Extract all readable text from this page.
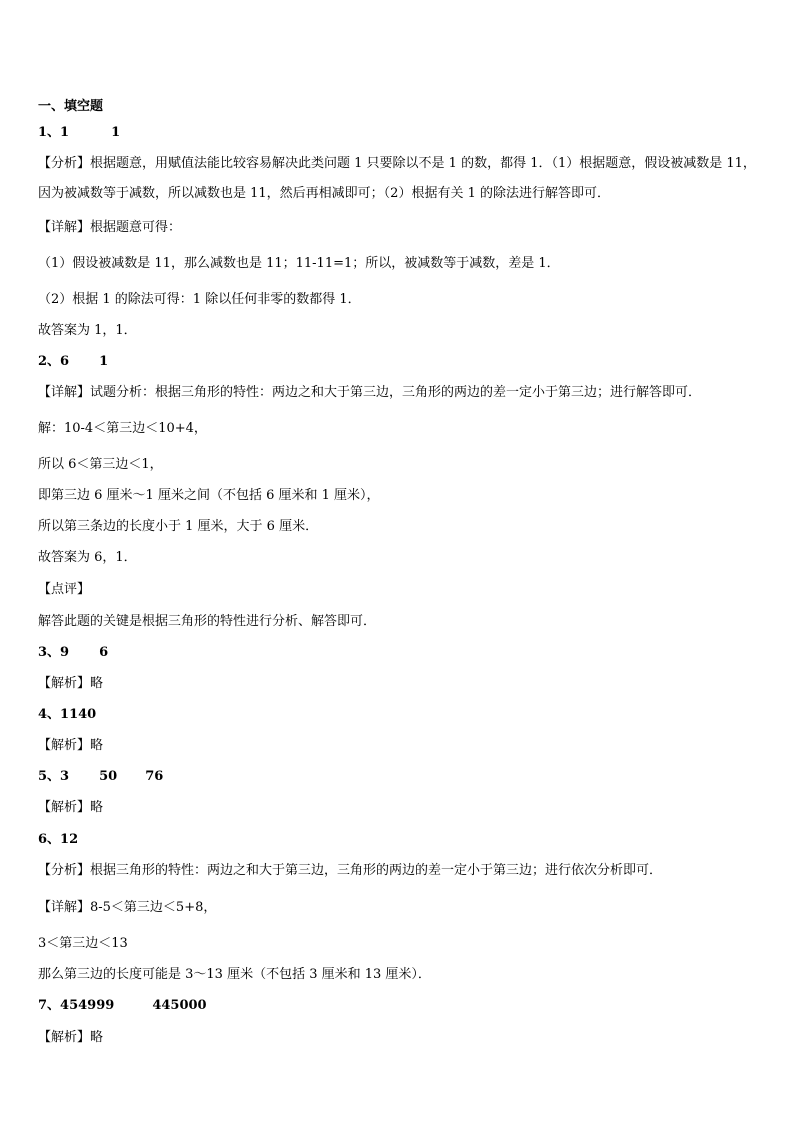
一、填空题
1、1	1
【分析】根据题意，用赋值法能比较容易解决此类问题 1 只要除以不是 1 的数，都得 1．（1）根据题意，假设被减数是 11，因为被减数等于减数，所以减数也是 11，然后再相减即可；（2）根据有关 1 的除法进行解答即可．
【详解】根据题意可得：
（1）假设被减数是 11，那么减数也是 11；11-11=1；所以，被减数等于减数，差是 1．
（2）根据 1 的除法可得：1 除以任何非零的数都得 1．
故答案为 1，1．
2、6 1
【详解】试题分析：根据三角形的特性：两边之和大于第三边，三角形的两边的差一定小于第三边；进行解答即可．
解：10-4＜第三边＜10+4，
所以 6＜第三边＜1，
即第三边 6 厘米～1 厘米之间（不包括 6 厘米和 1 厘米），
所以第三条边的长度小于 1 厘米，大于 6 厘米．
故答案为 6，1．
【点评】
解答此题的关键是根据三角形的特性进行分析、解答即可．
3、9 6
【解析】略
4、1140
【解析】略
5、3 50 76
【解析】略
6、12
【分析】根据三角形的特性：两边之和大于第三边，三角形的两边的差一定小于第三边；进行依次分析即可．
【详解】8-5＜第三边＜5+8，
3＜第三边＜13
那么第三边的长度可能是 3～13 厘米（不包括 3 厘米和 13 厘米）．
7、454999	445000
【解析】略
